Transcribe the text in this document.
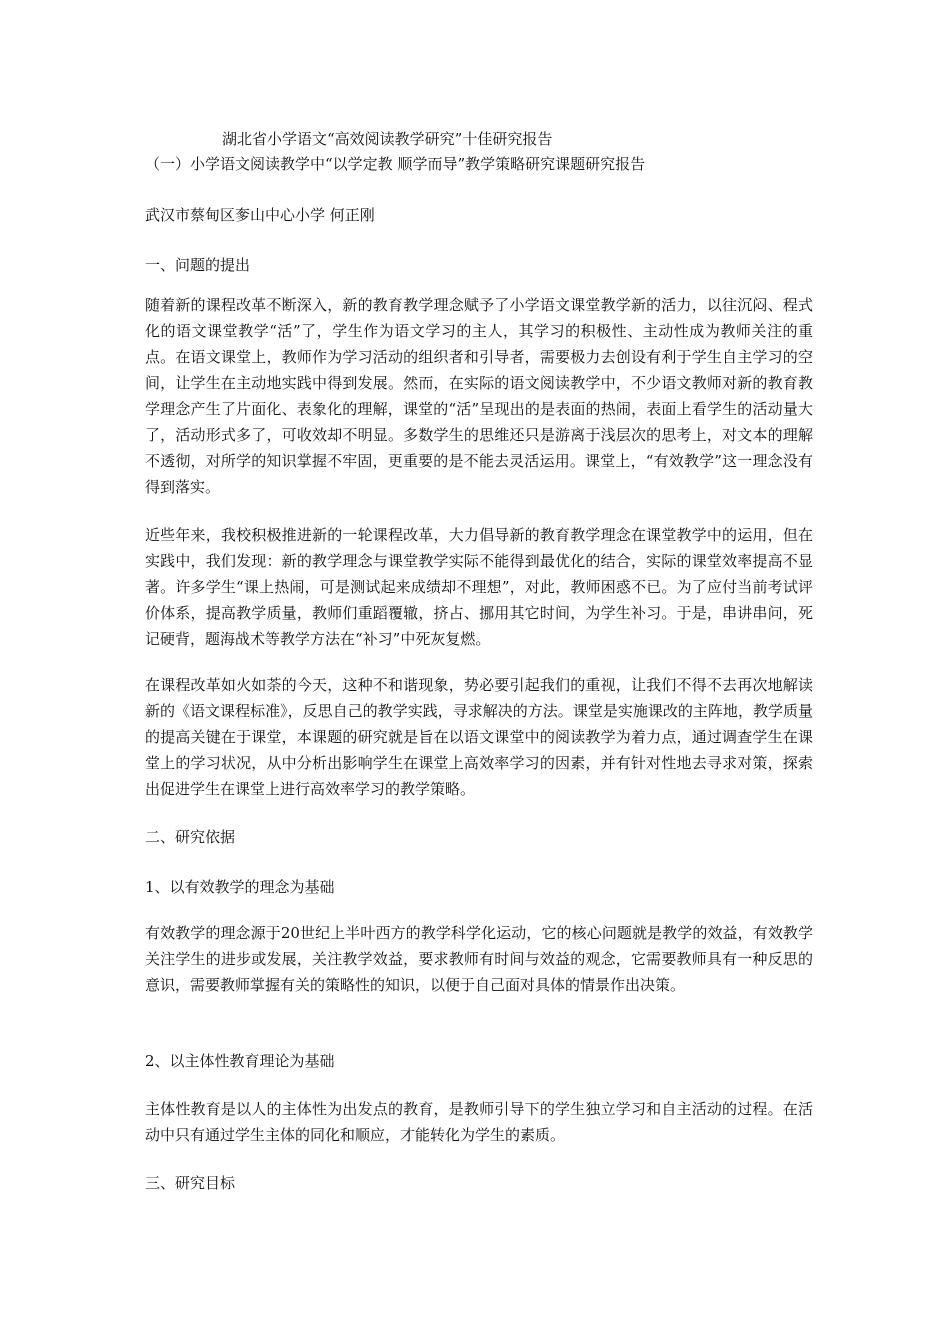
湖北省小学语文“高效阅读教学研究”十佳研究报告
（一）小学语文阅读教学中“以学定教 顺学而导”教学策略研究课题研究报告
武汉市蔡甸区奓山中心小学 何正刚
一、问题的提出
随着新的课程改革不断深入，新的教育教学理念赋予了小学语文课堂教学新的活力，以往沉闷、程式化的语文课堂教学“活”了，学生作为语文学习的主人，其学习的积极性、主动性成为教师关注的重点。在语文课堂上，教师作为学习活动的组织者和引导者，需要极力去创设有利于学生自主学习的空间，让学生在主动地实践中得到发展。然而，在实际的语文阅读教学中，不少语文教师对新的教育教学理念产生了片面化、表象化的理解，课堂的“活”呈现出的是表面的热闹，表面上看学生的活动量大了，活动形式多了，可收效却不明显。多数学生的思维还只是游离于浅层次的思考上，对文本的理解不透彻，对所学的知识掌握不牢固，更重要的是不能去灵活运用。课堂上，“有效教学”这一理念没有得到落实。
近些年来，我校积极推进新的一轮课程改革，大力倡导新的教育教学理念在课堂教学中的运用，但在实践中，我们发现：新的教学理念与课堂教学实际不能得到最优化的结合，实际的课堂效率提高不显著。许多学生“课上热闹，可是测试起来成绩却不理想”，对此，教师困惑不已。为了应付当前考试评价体系，提高教学质量，教师们重蹈覆辙，挤占、挪用其它时间，为学生补习。于是，串讲串问，死记硬背，题海战术等教学方法在“补习”中死灰复燃。
在课程改革如火如荼的今天，这种不和谐现象，势必要引起我们的重视，让我们不得不去再次地解读新的《语文课程标准》，反思自己的教学实践，寻求解决的方法。课堂是实施课改的主阵地，教学质量的提高关键在于课堂，本课题的研究就是旨在以语文课堂中的阅读教学为着力点，通过调查学生在课堂上的学习状况，从中分析出影响学生在课堂上高效率学习的因素，并有针对性地去寻求对策，探索出促进学生在课堂上进行高效率学习的教学策略。
二、研究依据
1、以有效教学的理念为基础
有效教学的理念源于20世纪上半叶西方的教学科学化运动，它的核心问题就是教学的效益，有效教学关注学生的进步或发展，关注教学效益，要求教师有时间与效益的观念，它需要教师具有一种反思的意识，需要教师掌握有关的策略性的知识，以便于自己面对具体的情景作出决策。
2、以主体性教育理论为基础
主体性教育是以人的主体性为出发点的教育，是教师引导下的学生独立学习和自主活动的过程。在活动中只有通过学生主体的同化和顺应，才能转化为学生的素质。
三、研究目标
